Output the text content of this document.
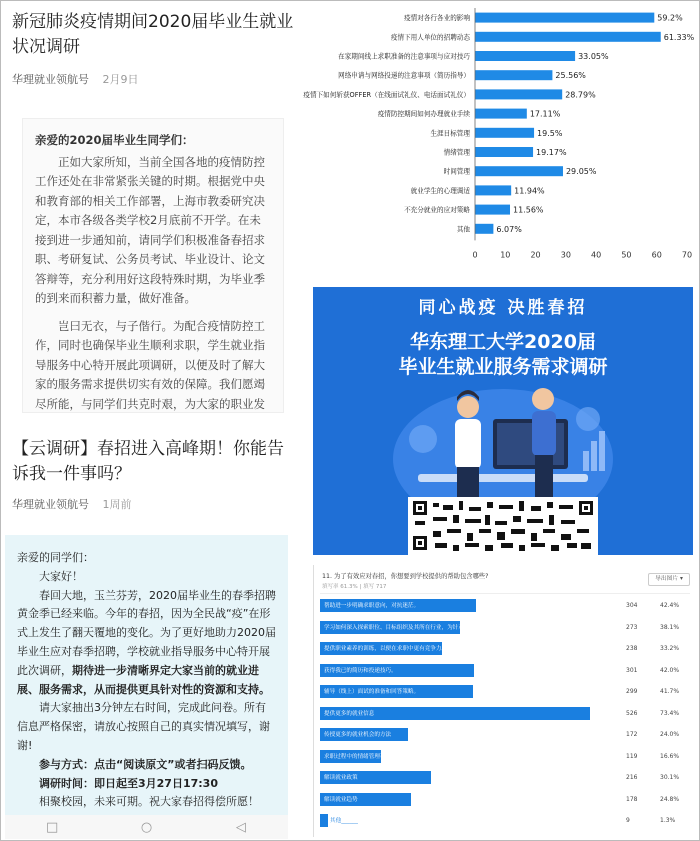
新冠肺炎疫情期间2020届毕业生就业状况调研
华理就业领航号 2月9日
亲爱的2020届毕业生同学们：

正如大家所知，当前全国各地的疫情防控工作还处在非常紧张关键的时期。根据党中央和教育部的相关工作部署，上海市教委研究决定，本市各级各类学校2月底前不开学。在未接到进一步通知前，请同学们积极准备春招求职、考研复试、公务员考试、毕业设计、论文答辩等，充分利用好这段特殊时期，为毕业季的到来而积蓄力量，做好准备。

岂曰无衣，与子偕行。为配合疫情防控工作，同时也确保毕业生顺利求职，学生就业指导服务中心特开展此项调研，以便及时了解大家的服务需求提供切实有效的保障。我们愿竭尽所能，与同学们共克时艰，为大家的职业发

【云调研】春招进入高峰期！你能告诉我一件事吗？
华理就业领航号 1周前
亲爱的同学们：

大家好！

春回大地，玉兰芬芳，2020届毕业生的春季招聘黄金季已经来临。今年的春招，因为全民战“疫”在形式上发生了翻天覆地的变化。为了更好地助力2020届毕业生应对春季招聘，学校就业指导服务中心特开展此次调研，期待进一步清晰界定大家当前的就业进展、服务需求，从而提供更具针对性的资源和支持。

请大家抽出3分钟左右时间，完成此问卷。所有信息严格保密，请放心按照自己的真实情况填写，谢谢!

参与方式：点击“阅读原文”或者扫码反馈。

调研时间：即日起至3月27日17:30

相聚校园，未来可期。祝大家春招得偿所愿！

□	○	◁
疫情对各行各业的影响	59.2%
疫情下用人单位的招聘动态	61.33%
在家期间线上求职准备的注意事项与应对技巧	33.05%
网络申请与网络投递的注意事项（简历指导）	25.56%
疫情下如何斩获OFFER（在线面试礼仪、电话面试礼仪）	28.79%
疫情防控期间如何办理就业手续	17.11%
生涯目标管理	19.5%
情绪管理	19.17%
时间管理	29.05%
就业学生的心理调适	11.94%
不充分就业的应对策略	11.56%
其他	6.07%
0	10	20	30	40	50	60	70
同心战疫 决胜春招
华东理工大学2020届
毕业生就业服务需求调研
11. 为了有效应对春招，你想要到学校提供的帮助包含哪些?
填写率 61.3% | 填写 717
导出图片 ▾
帮助进一步明确求职意向，对抗迷茫。	304	42.4%
学习如何深入探索职位、目标组织及其所在行业，为针对性的求职准备做准备。	273	38.1%
提供职业素养的训练，以便在求职中更有竞争力。	238	33.2%
获得我已的简历和投递技巧。	301	42.0%
辅导（线上）面试的准备和回答策略。	299	41.7%
提供更多的就业信息	526	73.4%
传授更多的就业机会的方法	172	24.0%
求职过程中的情绪管理和压力调节	119	16.6%
解读就业政策	216	30.1%
解读就业趋势	178	24.8%
其他______	9	1.3%
